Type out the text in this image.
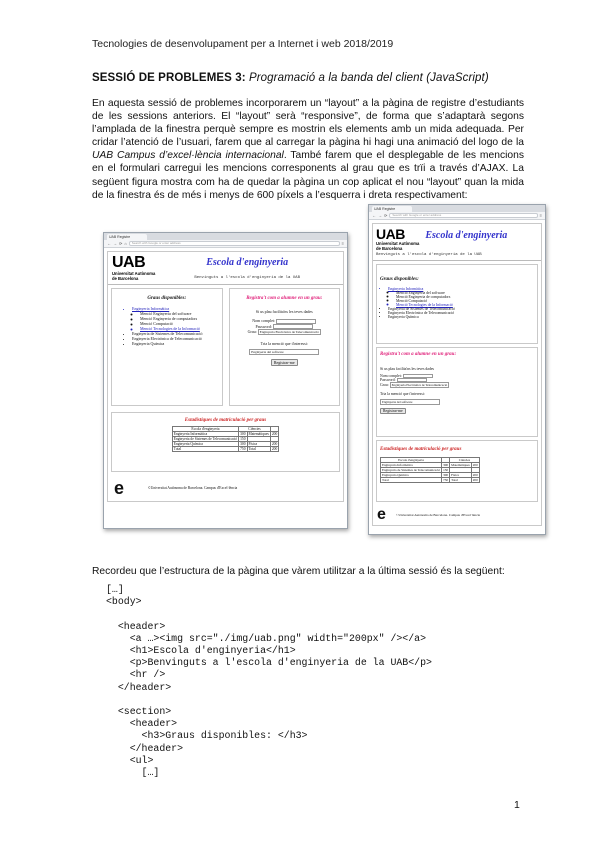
Tecnologies de desenvolupament per a Internet i web 2018/2019
SESSIÓ DE PROBLEMES 3: Programació a la banda del client (JavaScript)

En aquesta sessió de problemes incorporarem un “layout” a la pàgina de registre d’estudiants de les sessions anteriors. El “layout” serà “responsive”, de forma que s’adaptarà segons l’amplada de la finestra perquè sempre es mostrin els elements amb un mida adequada. Per cridar l’atenció de l’usuari, farem que al carregar la pàgina hi hagi una animació del logo de la UAB Campus d’excel·lència internacional. També farem que el desplegable de les mencions en el formulari carregui les mencions corresponents al grau que es trïi a través d’AJAX. La següent figura mostra com ha de quedar la pàgina un cop aplicat el nou “layout” quan la mida de la finestra és de més i menys de 600 píxels a l’esquerra i dreta respectivament:

UAB Registre
← → ⟳ ⌂	Search with Google or enter address	≡
UAB
Universitat Autònoma
de Barcelona
Escola d'enginyeria
Benvinguts a l'escola d'enginyeria de la UAB
Graus disponibles:
• Enginyeria Informàtica
◦ Menció Enginyeria del software
◦ Menció Enginyeria de computadors
◦ Menció Computació
◦ Menció Tecnologies de la Informació
• Enginyeria de Sistemes de Telecomunicació
• Enginyeria Electrònica de Telecomunicació
• Enginyeria Química
Registra't com a alumne en un grau:
Si us plau facilita'ns les teves dades
Nom complet:
Password:
Grau: Enginyeria Electrònica de Telecomunicació
Tria la menció que t'interessi:
Enginyeria del software
Registrar-me
Estadístiques de matriculació per graus
Escola d'enginyeria	Ciències		
Enginyeria Informàtica	300	Matemàtiques	200
Enginyeria de Sistemes de Telecomunicació	150		
Enginyeria Química	300	Física	200
Total	750	Total	200
e	©Universitat Autònoma de Barcelona. Campus d'Excel·lència
UAB Registre
← → ⟳	Search with Google or enter address	≡
UAB
Universitat Autònoma
de Barcelona
Escola d'enginyeria
Benvinguts a l'escola d'enginyeria de la UAB
Graus disponibles:
• Enginyeria Informàtica
◦ Menció Enginyeria del software
◦ Menció Enginyeria de computadors
◦ Menció Computació
◦ Menció Tecnologies de la Informació
• Enginyeria de Sistemes de Telecomunicació
• Enginyeria Electrònica de Telecomunicació
• Enginyeria Química
Registra't com a alumne en un grau:
Si us plau facilita'ns les teves dades
Nom complet:
Password:
Grau: Enginyeria Electrònica de Telecomunicació
Tria la menció que t'interessi:
Enginyeria del software
Registrar-me
Estadístiques de matriculació per graus
Escola d'enginyeria		Ciències	
Enginyeria Informàtica	300	Matemàtiques	200
Enginyeria de Sistemes de Telecomunicació	150		
Enginyeria Química	300	Física	200
Total	750	Total	200
e	©Universitat Autònoma de Barcelona. Campus d'Excel·lència
Recordeu que l’estructura de la pàgina que vàrem utilitzar a la última sessió és la següent:
[…]
<body>

<header>
<a …><img src="./img/uab.png" width="200px" /></a>
<h1>Escola d'enginyeria</h1>
<p>Benvinguts a l'escola d'enginyeria de la UAB</p>
<hr />
</header>

<section>
<header>
<h3>Graus disponibles: </h3>
</header>
<ul>
[…]
1
